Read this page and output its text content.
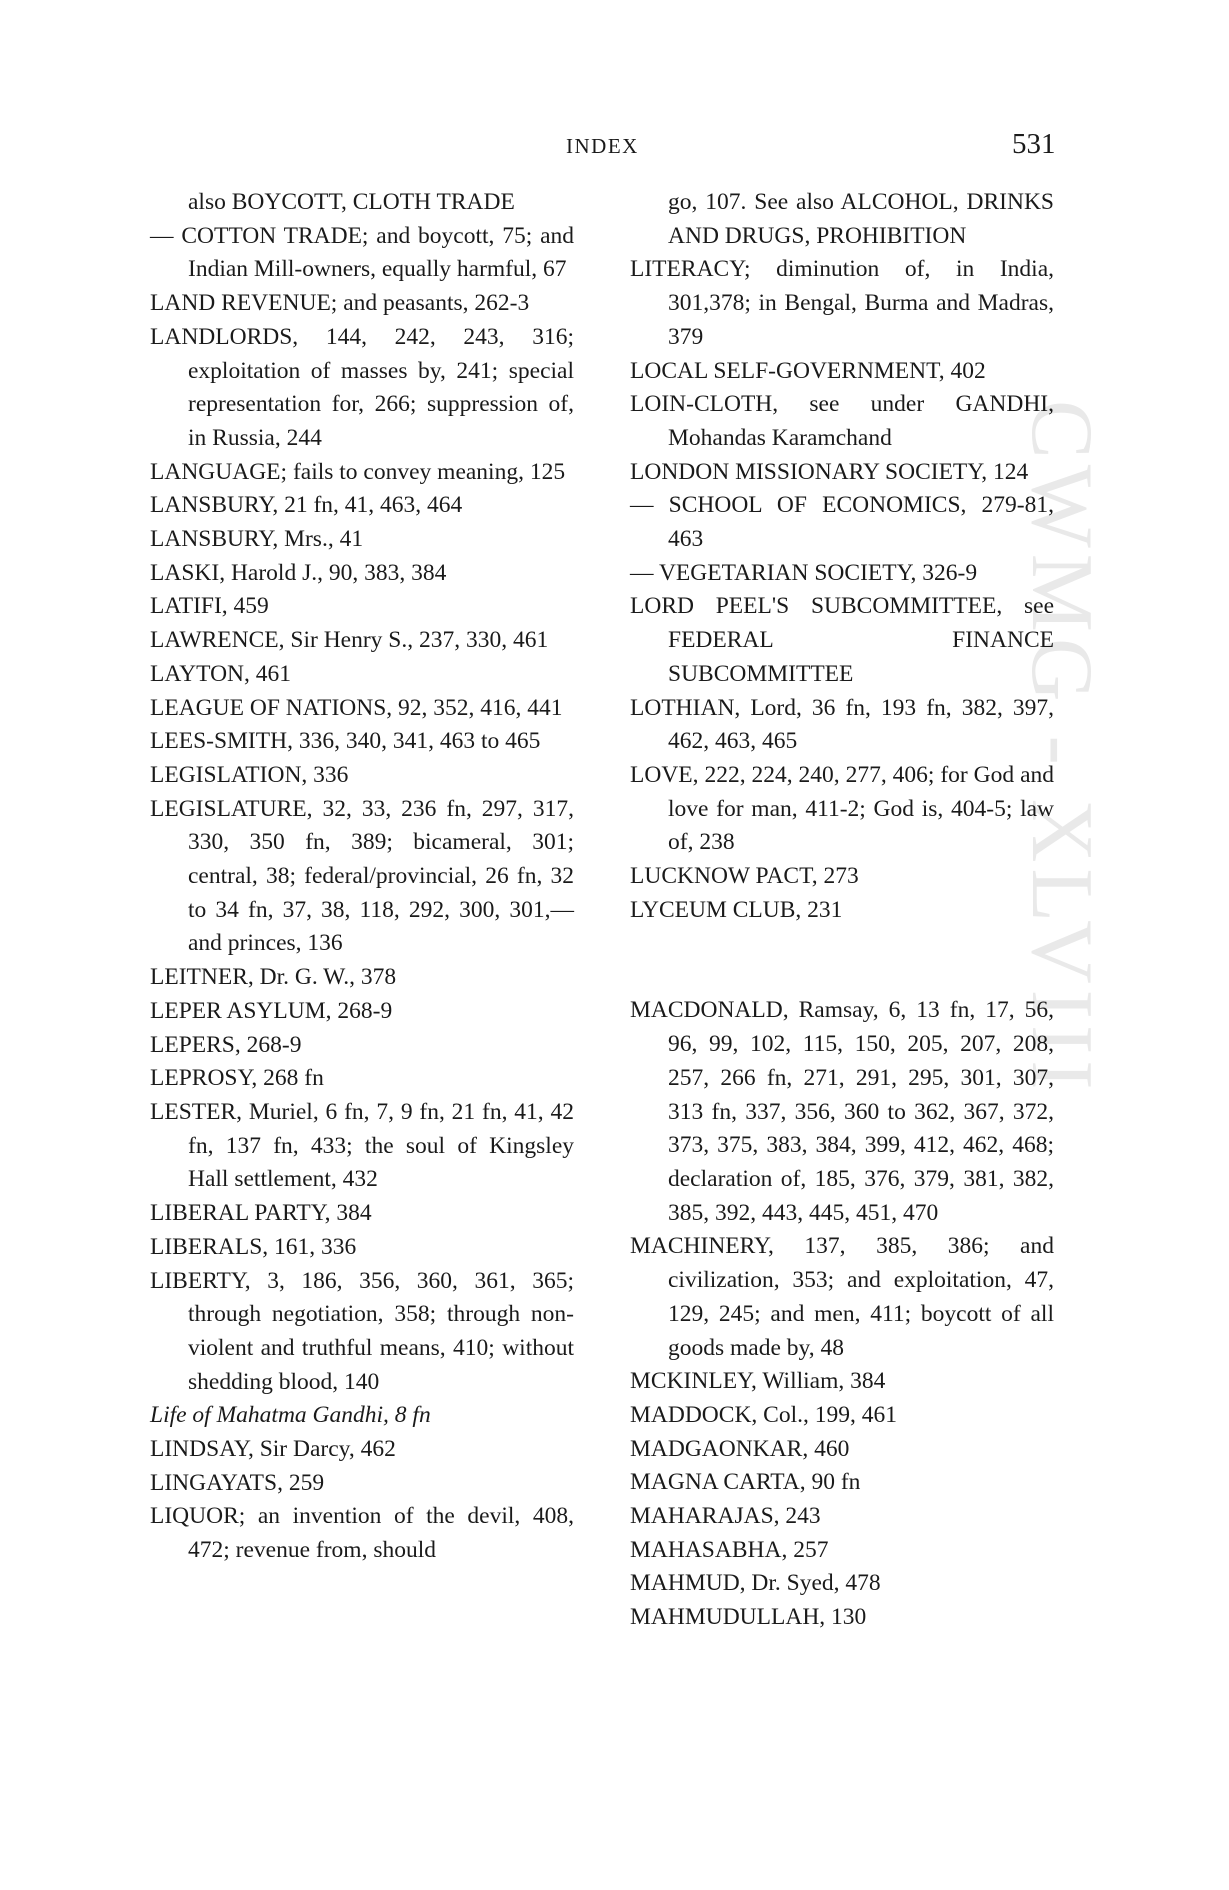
INDEX	531
CWMG - XLVIII

also BOYCOTT, CLOTH TRADE

— COTTON TRADE; and boycott, 75; and Indian Mill-owners, equally harmful, 67

LAND REVENUE; and peasants, 262-3

LANDLORDS, 144, 242, 243, 316; exploitation of masses by, 241; special representation for, 266; suppression of, in Russia, 244

LANGUAGE; fails to convey meaning, 125

LANSBURY, 21 fn, 41, 463, 464

LANSBURY, Mrs., 41

LASKI, Harold J., 90, 383, 384

LATIFI, 459

LAWRENCE, Sir Henry S., 237, 330, 461

LAYTON, 461

LEAGUE OF NATIONS, 92, 352, 416, 441

LEES-SMITH, 336, 340, 341, 463 to 465

LEGISLATION, 336

LEGISLATURE, 32, 33, 236 fn, 297, 317, 330, 350 fn, 389; bicameral, 301; central, 38; federal/provincial, 26 fn, 32 to 34 fn, 37, 38, 118, 292, 300, 301,—and princes, 136

LEITNER, Dr. G. W., 378

LEPER ASYLUM, 268-9

LEPERS, 268-9

LEPROSY, 268 fn

LESTER, Muriel, 6 fn, 7, 9 fn, 21 fn, 41, 42 fn, 137 fn, 433; the soul of Kingsley Hall settlement, 432

LIBERAL PARTY, 384

LIBERALS, 161, 336

LIBERTY, 3, 186, 356, 360, 361, 365; through negotiation, 358; through non-violent and truthful means, 410; without shedding blood, 140

Life of Mahatma Gandhi, 8 fn

LINDSAY, Sir Darcy, 462

LINGAYATS, 259

LIQUOR; an invention of the devil, 408, 472; revenue from, should

go, 107. See also ALCOHOL, DRINKS AND DRUGS, PROHIBITION

LITERACY; diminution of, in India, 301,378; in Bengal, Burma and Madras, 379

LOCAL SELF-GOVERNMENT, 402

LOIN-CLOTH, see under GANDHI, Mohandas Karamchand

LONDON MISSIONARY SOCIETY, 124

— SCHOOL OF ECONOMICS, 279-81, 463

— VEGETARIAN SOCIETY, 326-9

LORD PEEL'S SUBCOMMITTEE, see FEDERAL FINANCE SUBCOMMITTEE

LOTHIAN, Lord, 36 fn, 193 fn, 382, 397, 462, 463, 465

LOVE, 222, 224, 240, 277, 406; for God and love for man, 411-2; God is, 404-5; law of, 238

LUCKNOW PACT, 273

LYCEUM CLUB, 231

MACDONALD, Ramsay, 6, 13 fn, 17, 56, 96, 99, 102, 115, 150, 205, 207, 208, 257, 266 fn, 271, 291, 295, 301, 307, 313 fn, 337, 356, 360 to 362, 367, 372, 373, 375, 383, 384, 399, 412, 462, 468; declaration of, 185, 376, 379, 381, 382, 385, 392, 443, 445, 451, 470

MACHINERY, 137, 385, 386; and civilization, 353; and exploitation, 47, 129, 245; and men, 411; boycott of all goods made by, 48

MCKINLEY, William, 384

MADDOCK, Col., 199, 461

MADGAONKAR, 460

MAGNA CARTA, 90 fn

MAHARAJAS, 243

MAHASABHA, 257

MAHMUD, Dr. Syed, 478

MAHMUDULLAH, 130
